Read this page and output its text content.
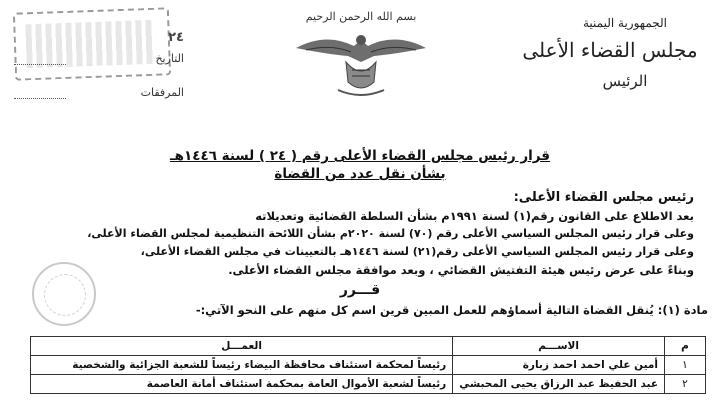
٢٤
التاريخ
المرفقات
بسم الله الرحمن الرحيم	الجمهورية اليمنية
مجلس القضاء الأعلى
الرئيس
قرار رئيس مجلس القضاء الأعلى رقم ( ٢٤ ) لسنة ١٤٤٦هـ
بشأن نقل عدد من القضاة
رئيس مجلس القضاء الأعلى:
بعد الاطلاع على القانون رقم(١) لسنة ١٩٩١م بشأن السلطة القضائية وتعديلاته
وعلى قرار رئيس المجلس السياسي الأعلى رقم (٧٠) لسنة ٢٠٢٠م بشأن اللائحة التنظيمية لمجلس القضاء الأعلى،
وعلى قرار رئيس المجلس السياسي الأعلى رقم(٢١) لسنة ١٤٤٦هـ بالتعيينات في مجلس القضاء الأعلى،
وبناءً على عرض رئيس هيئة التفتيش القضائي ، وبعد موافقة مجلس القضاء الأعلى.
قـــرر
مادة (١): يُنقل القضاة التالية أسماؤهم للعمل المبين قرين اسم كل منهم على النحو الآتي:-
م	الاســـم	العمـــل
١	أمين علي احمد احمد زبارة	رئيساً لمحكمة استئناف محافظة البيضاء رئيساً للشعبة الجزائية والشخصية
٢	عبد الحفيظ عبد الرزاق يحيى المحبشي	رئيساً لشعبة الأموال العامة بمحكمة استئناف أمانة العاصمة
